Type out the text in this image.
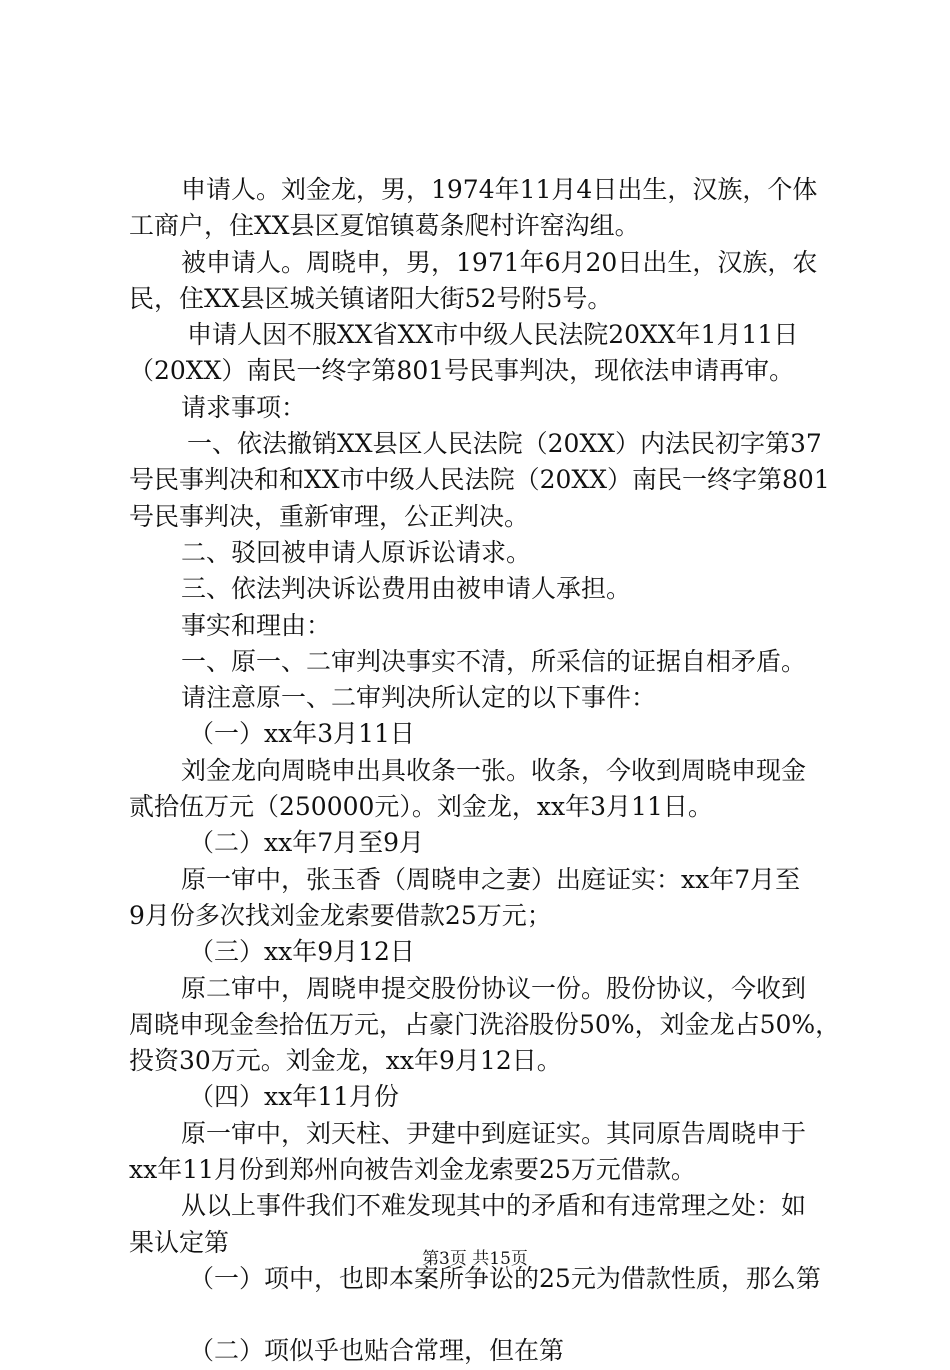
申请人。刘金龙，男，1974年11月4日出生，汉族，个体
工商户，住XX县区夏馆镇葛条爬村许窑沟组。
被申请人。周晓申，男，1971年6月20日出生，汉族，农
民，住XX县区城关镇诸阳大街52号附5号。
申请人因不服XX省XX市中级人民法院20XX年1月11日
（20XX）南民一终字第801号民事判决，现依法申请再审。
请求事项：
一、依法撤销XX县区人民法院（20XX）内法民初字第37
号民事判决和和XX市中级人民法院（20XX）南民一终字第801
号民事判决，重新审理，公正判决。
二、驳回被申请人原诉讼请求。
三、依法判决诉讼费用由被申请人承担。
事实和理由：
一、原一、二审判决事实不清，所采信的证据自相矛盾。
请注意原一、二审判决所认定的以下事件：
（一）xx年3月11日
刘金龙向周晓申出具收条一张。收条，今收到周晓申现金
贰拾伍万元（250000元）。刘金龙，xx年3月11日。
（二）xx年7月至9月
原一审中，张玉香（周晓申之妻）出庭证实：xx年7月至
9月份多次找刘金龙索要借款25万元；
（三）xx年9月12日
原二审中，周晓申提交股份协议一份。股份协议，今收到
周晓申现金叁拾伍万元，占豪门洗浴股份50%，刘金龙占50%，
投资30万元。刘金龙，xx年9月12日。
（四）xx年11月份
原一审中，刘天柱、尹建中到庭证实。其同原告周晓申于
xx年11月份到郑州向被告刘金龙索要25万元借款。
从以上事件我们不难发现其中的矛盾和有违常理之处：如
果认定第
（一）项中，也即本案所争讼的25元为借款性质，那么第
（二）项似乎也贴合常理，但在第
第3页 共15页
